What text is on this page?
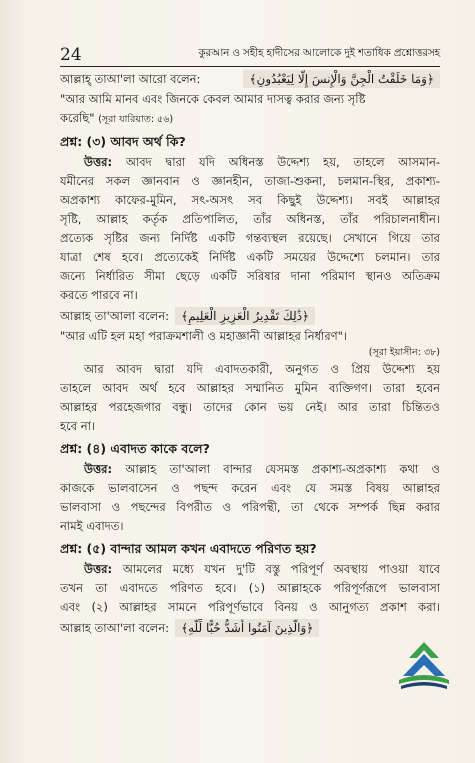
24	কুরআন ও সহীহ হাদীসের আলোকে দুই শতাধিক প্রশ্নোত্তরসহ
আল্লাহ্ তাআ'লা আরো বলেন:	﴿وَمَا خَلَقْتُ الْجِنَّ وَالْإِنسَ إِلَّا لِيَعْبُدُونِ﴾
"আর আমি মানব এবং জিনকে কেবল আমার দাসত্ব করার জন্য সৃষ্টি
করেছি" (সূরা যারিয়াত: ৫৬)
প্রশ্ন: (৩) আবদ অর্থ কি?
উত্তর: আবদ দ্বারা যদি অধিনস্ত উদ্দেশ্য হয়, তাহলে আসমান-
যমীনের সকল জ্ঞানবান ও জ্ঞানহীন, তাজা-শুকনা, চলমান-স্থির, প্রকাশ্য-
অপ্রকাশ্য কাফের-মুমিন, সৎ-অসৎ সব কিছুই উদ্দেশ্য। সবই আল্লাহর
সৃষ্টি, আল্লাহ কর্তৃক প্রতিপালিত, তাঁর অধিনস্ত, তাঁর পরিচালনাধীন।
প্রত্যেক সৃষ্টির জন্য নির্দিষ্ট একটি গন্তব্যস্থল রয়েছে। সেখানে গিয়ে তার
যাত্রা শেষ হবে। প্রত্যেকেই নির্দিষ্ট একটি সময়ের উদ্দেশ্যে চলমান। তার
জন্যে নির্ধারিত সীমা ছেড়ে একটি সরিষার দানা পরিমাণ স্থানও অতিক্রম
করতে পারবে না।
আল্লাহ তা'আলা বলেন:	﴿ذَٰلِكَ تَقْدِيرُ الْعَزِيزِ الْعَلِيمِ﴾
"আর এটি হল মহা পরাক্রমশালী ও মহাজ্ঞানী আল্লাহর নির্ধারণ"।
(সূরা ইয়াসীন: ৩৮)
আর আবদ দ্বারা যদি এবাদতকারী, অনুগত ও প্রিয় উদ্দেশ্য হয়
তাহলে আবদ অর্থ হবে আল্লাহর সম্মানিত মুমিন ব্যক্তিগণ। তারা হবেন
আল্লাহর পরহেজগার বন্ধু। তাদের কোন ভয় নেই। আর তারা চিন্তিতও
হবে না।
প্রশ্ন: (৪) এবাদত কাকে বলে?
উত্তর: আল্লাহ তা'আলা বান্দার যেসমস্ত প্রকাশ্য-অপ্রকাশ্য কথা ও
কাজকে ভালবাসেন ও পছন্দ করেন এবং যে সমস্ত বিষয় আল্লাহর
ভালবাসা ও পছন্দের বিপরীত ও পরিপন্থী, তা থেকে সম্পর্ক ছিন্ন করার
নামই এবাদত।
প্রশ্ন: (৫) বান্দার আমল কখন এবাদতে পরিণত হয়?
উত্তর: আমলের মধ্যে যখন দু'টি বস্তু পরিপূর্ণ অবস্থায় পাওয়া যাবে
তখন তা এবাদতে পরিণত হবে। (১) আল্লাহকে পরিপূর্ণরূপে ভালবাসা
এবং (২) আল্লাহর সামনে পরিপূর্ণভাবে বিনয় ও আনুগত্য প্রকাশ করা।
আল্লাহ তাআ'লা বলেন:	﴿وَالَّذِينَ آمَنُوا أَشَدُّ حُبًّا لِّلَّهِ﴾
